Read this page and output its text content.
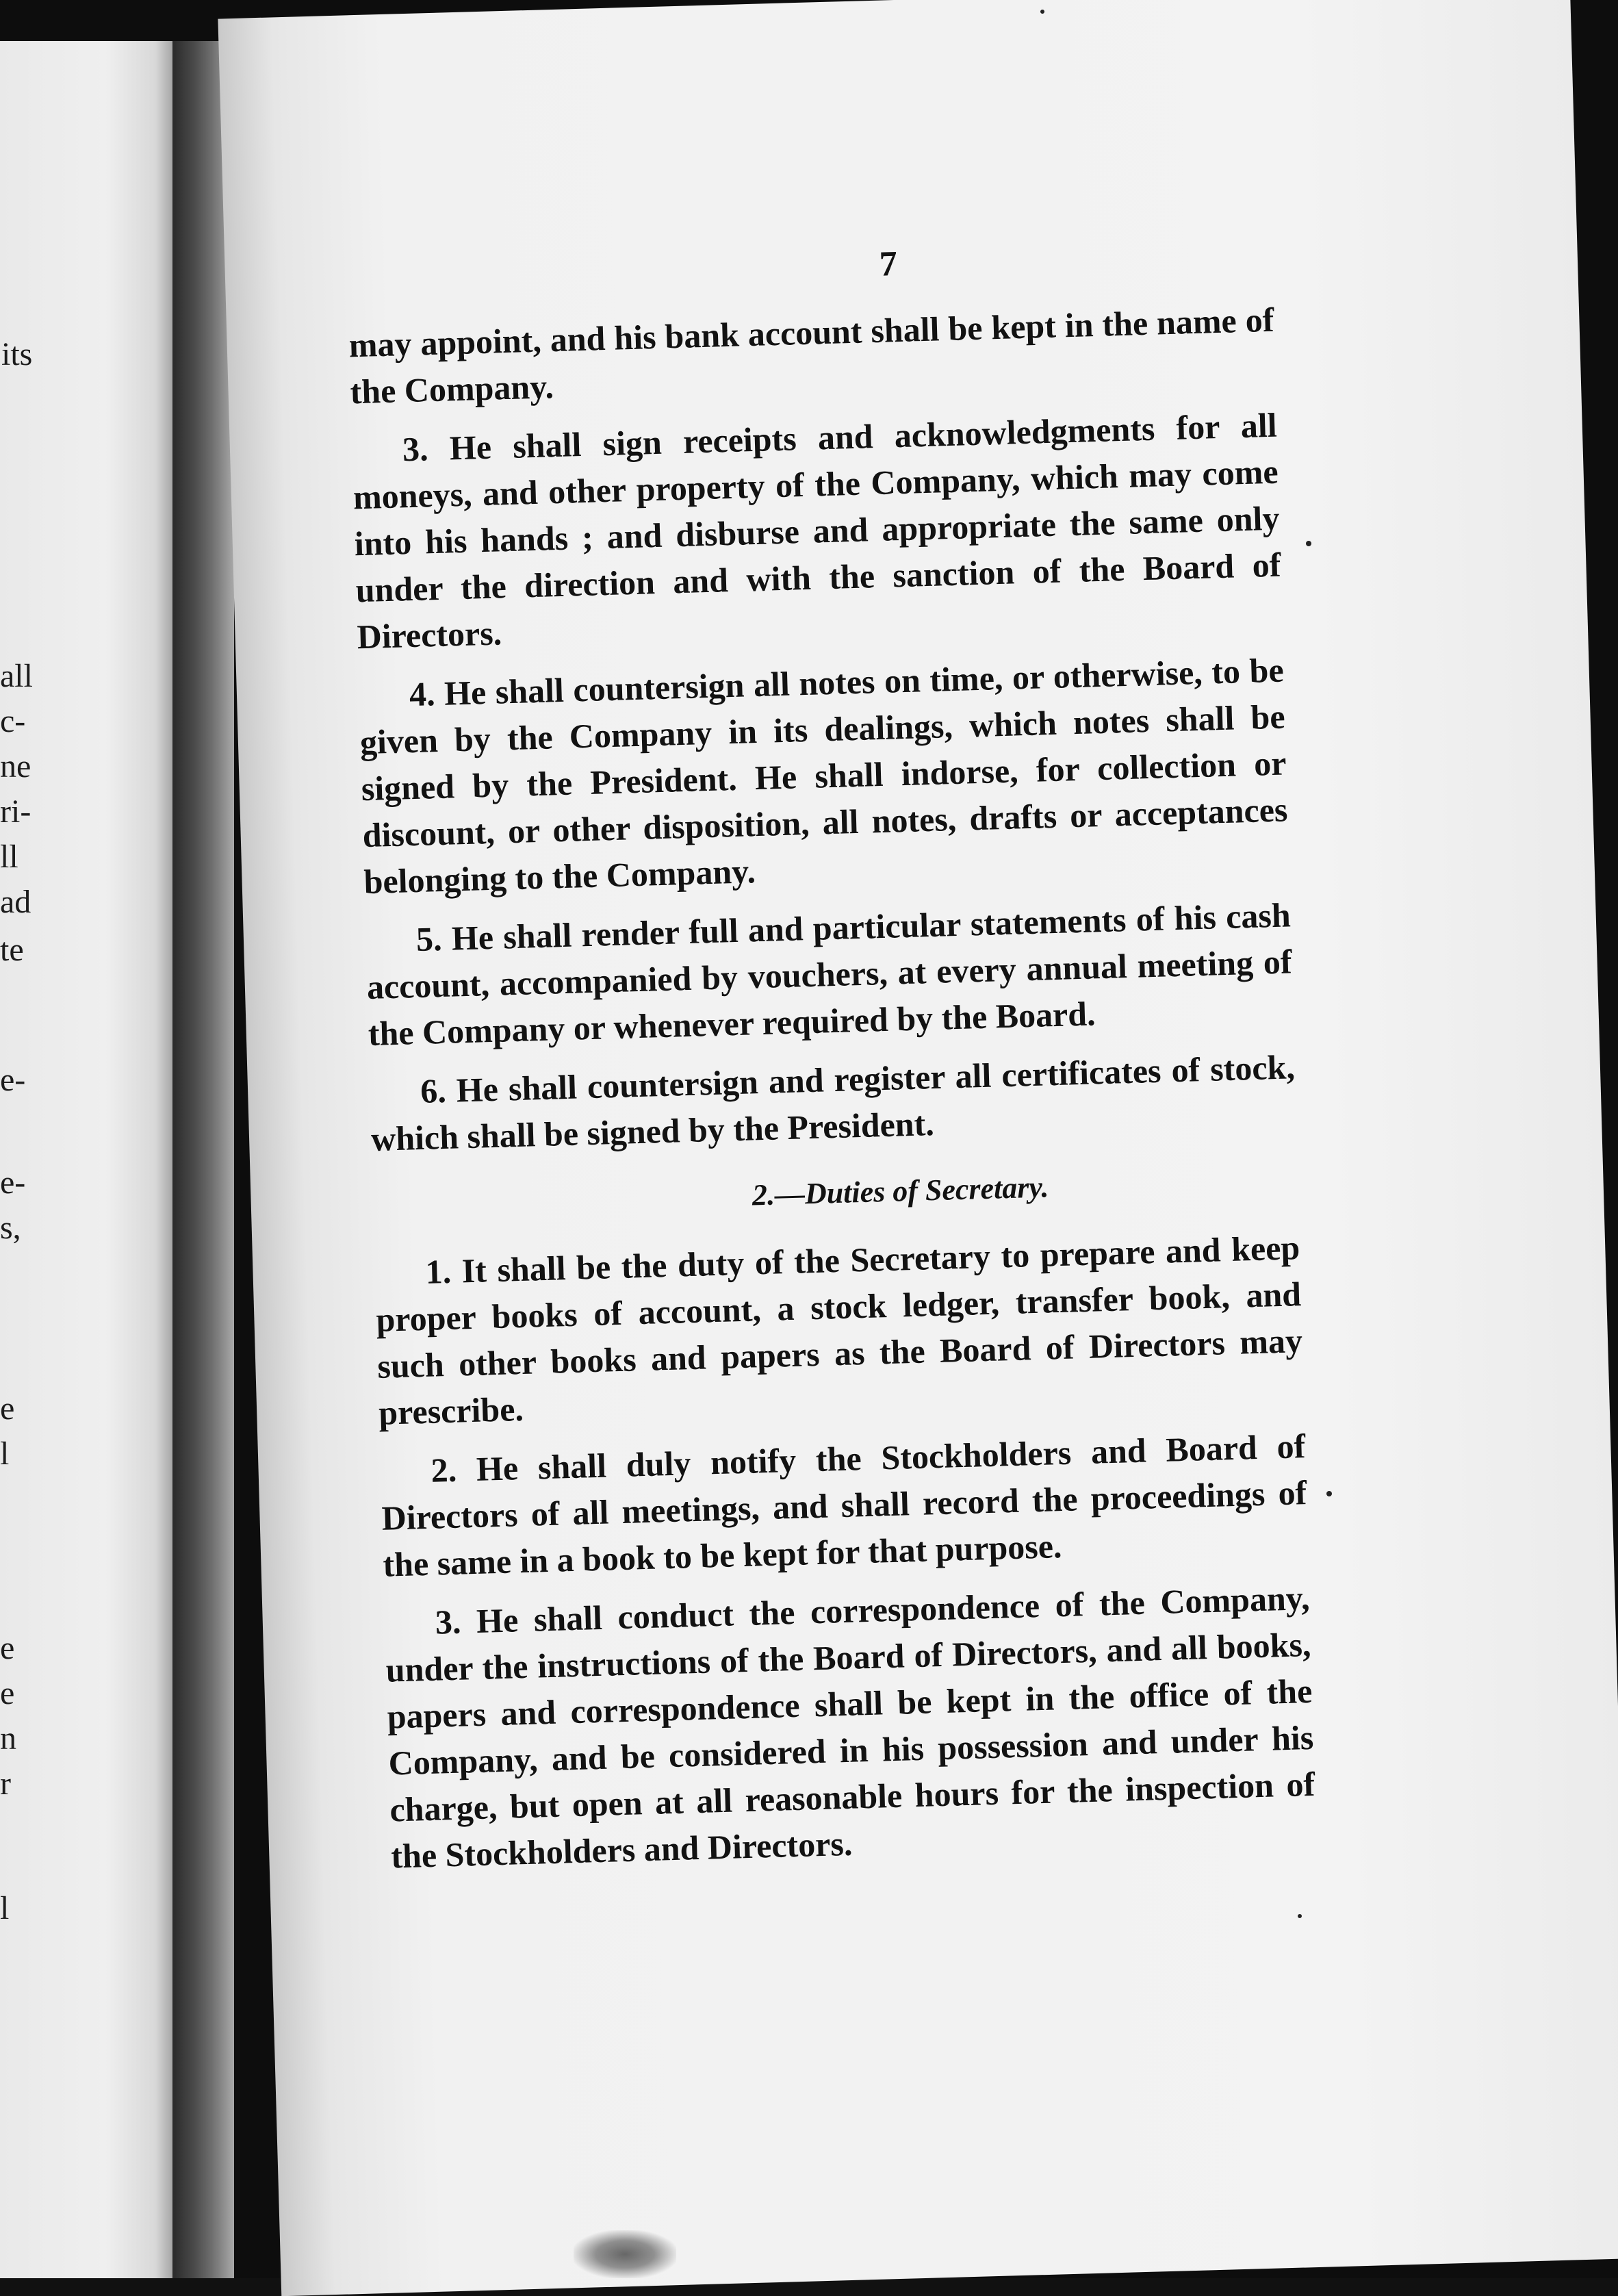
its
all
c-
ne
ri-
ll
ad
te
e-
e-
s,
e
l
e
e
n
r
l
7

may appoint, and his bank account shall be kept in the name of the Company.

3. He shall sign receipts and acknowledgments for all moneys, and other property of the Company, which may come into his hands ; and disburse and appropriate the same only under the direction and with the sanction of the Board of Directors.

4. He shall countersign all notes on time, or otherwise, to be given by the Company in its dealings, which notes shall be signed by the President. He shall indorse, for collection or discount, or other disposition, all notes, drafts or acceptances belonging to the Company.

5. He shall render full and particular statements of his cash account, accompanied by vouchers, at every annual meeting of the Company or whenever required by the Board.

6. He shall countersign and register all certificates of stock, which shall be signed by the President.

2.—Duties of Secretary.

1. It shall be the duty of the Secretary to prepare and keep proper books of account, a stock ledger, transfer book, and such other books and papers as the Board of Directors may prescribe.

2. He shall duly notify the Stockholders and Board of Directors of all meetings, and shall record the proceedings of the same in a book to be kept for that purpose.

3. He shall conduct the correspondence of the Company, under the instructions of the Board of Directors, and all books, papers and correspondence shall be kept in the office of the Company, and be considered in his possession and under his charge, but open at all reasonable hours for the inspection of the Stockholders and Directors.
